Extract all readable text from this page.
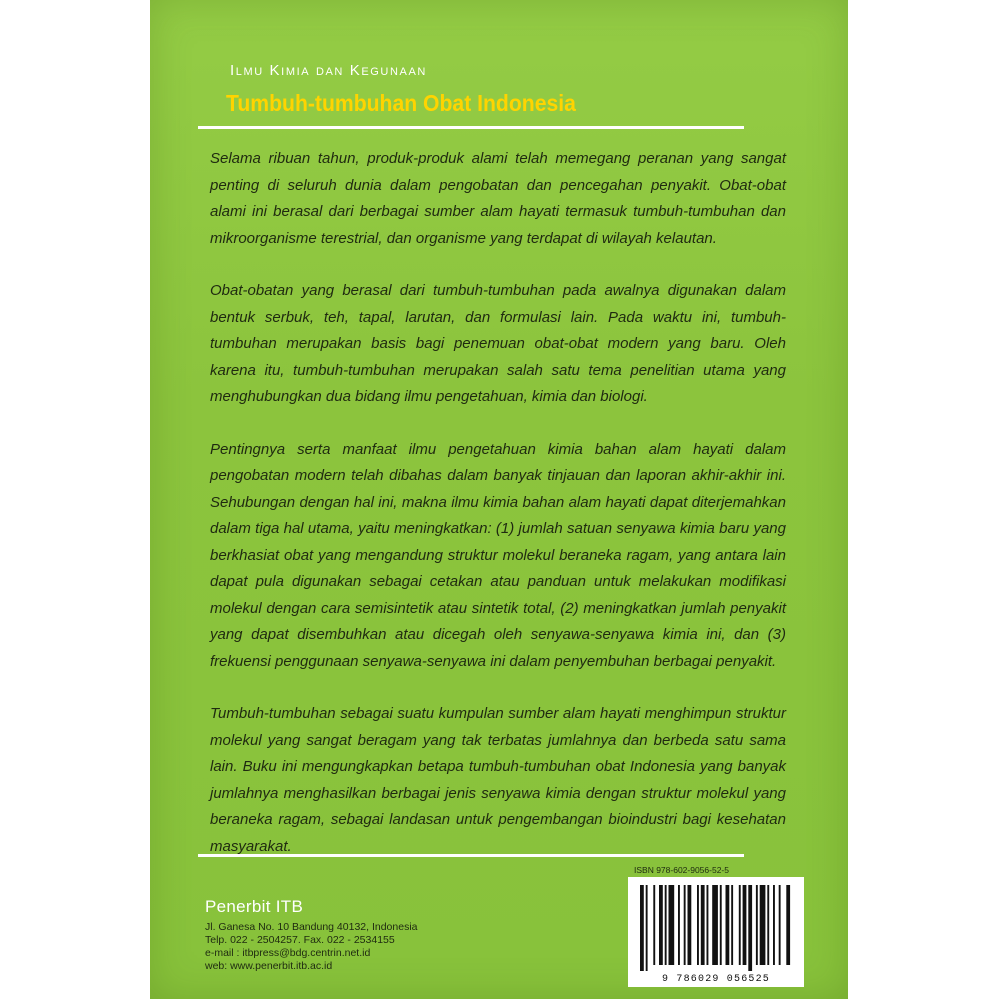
Ilmu Kimia dan Kegunaan
Tumbuh-tumbuhan Obat Indonesia

Selama ribuan tahun, produk-produk alami telah memegang peranan yang sangat penting di seluruh dunia dalam pengobatan dan pencegahan penyakit. Obat-obat alami ini berasal dari berbagai sumber alam hayati termasuk tumbuh-tumbuhan dan mikroorganisme terestrial, dan organisme yang terdapat di wilayah kelautan.

Obat-obatan yang berasal dari tumbuh-tumbuhan pada awalnya digunakan dalam bentuk serbuk, teh, tapal, larutan, dan formulasi lain. Pada waktu ini, tumbuh-tumbuhan merupakan basis bagi penemuan obat-obat modern yang baru. Oleh karena itu, tumbuh-tumbuhan merupakan salah satu tema penelitian utama yang menghubungkan dua bidang ilmu pengetahuan, kimia dan biologi.

Pentingnya serta manfaat ilmu pengetahuan kimia bahan alam hayati dalam pengobatan modern telah dibahas dalam banyak tinjauan dan laporan akhir-akhir ini. Sehubungan dengan hal ini, makna ilmu kimia bahan alam hayati dapat diterjemahkan dalam tiga hal utama, yaitu meningkatkan: (1) jumlah satuan senyawa kimia baru yang berkhasiat obat yang mengandung struktur molekul beraneka ragam, yang antara lain dapat pula digunakan sebagai cetakan atau panduan untuk melakukan modifikasi molekul dengan cara semisintetik atau sintetik total, (2) meningkatkan jumlah penyakit yang dapat disembuhkan atau dicegah oleh senyawa-senyawa kimia ini, dan (3) frekuensi penggunaan senyawa-senyawa ini dalam penyembuhan berbagai penyakit.

Tumbuh-tumbuhan sebagai suatu kumpulan sumber alam hayati menghimpun struktur molekul yang sangat beragam yang tak terbatas jumlahnya dan berbeda satu sama lain. Buku ini mengungkapkan betapa tumbuh-tumbuhan obat Indonesia yang banyak jumlahnya menghasilkan berbagai jenis senyawa kimia dengan struktur molekul yang beraneka ragam, sebagai landasan untuk pengembangan bioindustri bagi kesehatan masyarakat.

Penerbit ITB
Jl. Ganesa No. 10 Bandung 40132, Indonesia
Telp. 022 - 2504257. Fax. 022 - 2534155
e-mail : itbpress@bdg.centrin.net.id
web: www.penerbit.itb.ac.id
ISBN 978-602-9056-52-5
9 786029 056525
